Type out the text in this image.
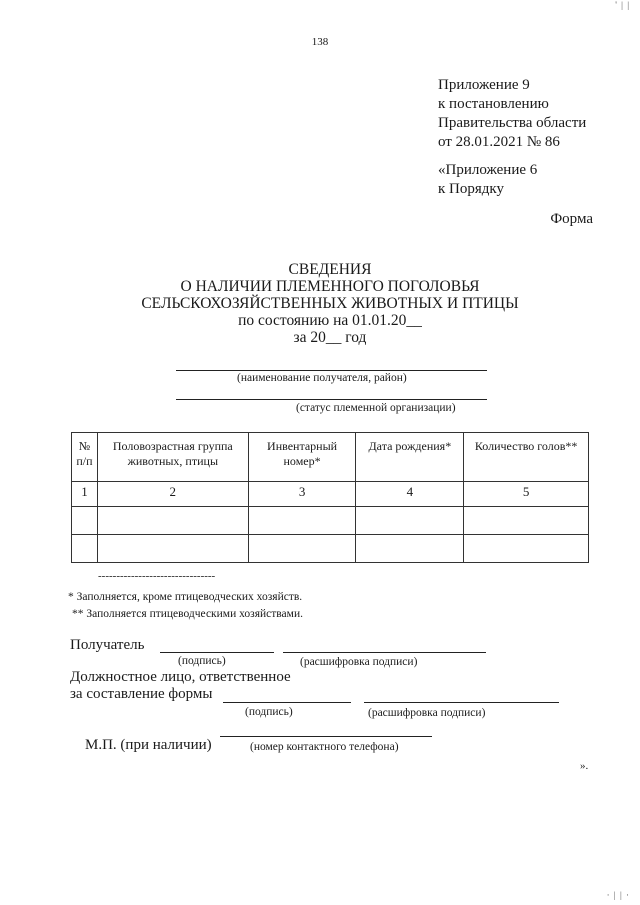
138
' | |
Приложение 9
к постановлению
Правительства области
от 28.01.2021 № 86
«Приложение 6
к Порядку
Форма
СВЕДЕНИЯ
О НАЛИЧИИ ПЛЕМЕННОГО ПОГОЛОВЬЯ
СЕЛЬСКОХОЗЯЙСТВЕННЫХ ЖИВОТНЫХ И ПТИЦЫ
по состоянию на 01.01.20__
за 20__ год
(наименование получателя, район)
(статус племенной организации)
№ п/п	Половозрастная группа животных, птицы	Инвентарный номер*	Дата рождения*	Количество голов**
1	2	3	4	5

--------------------------------
* Заполняется, кроме птицеводческих хозяйств.
** Заполняется птицеводческими хозяйствами.
Получатель
(подпись)	(расшифровка подписи)
Должностное лицо, ответственное
за составление формы
(подпись)	(расшифровка подписи)
М.П. (при наличии)	(номер контактного телефона)
».
· | | ·
